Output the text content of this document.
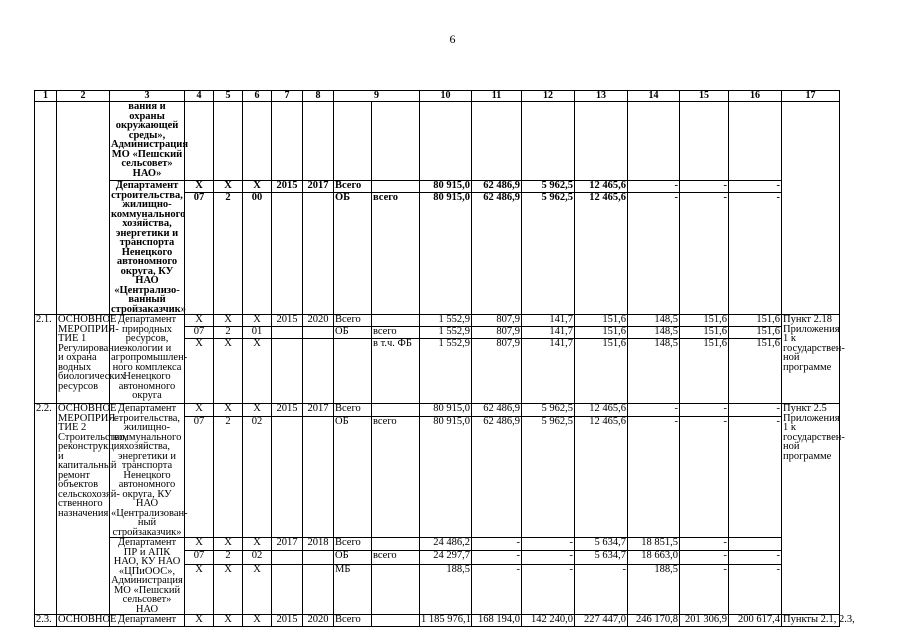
6
1	2	3	4	5	6	7	8	9		10	11	12	13	14	15	16	17
		вания и охраны окружающей среды», Администрация МО «Пешский сельсовет» НАО»															
		Департамент строительства, жилищно-коммунального хозяйства, энергетики и транспорта Ненецкого автономного округа, КУ НАО «Централизо-ванный стройзаказчик»	X	X	X	2015	2017	Всего		80 915,0	62 486,9	5 962,5	12 465,6	-	-	-	
			07	2	00			ОБ	всего	80 915,0	62 486,9	5 962,5	12 465,6	-	-	-	
2.1.	ОСНОВНОЕ МЕРОПРИЯ-ТИЕ 1 Регулирование и охрана водных биологических ресурсов	Департамент природных ресурсов, экологии и агропромышлен-ного комплекса Ненецкого автономного округа	X	X	X	2015	2020	Всего		1 552,9	807,9	141,7	151,6	148,5	151,6	151,6	Пункт 2.18 Приложения 1 к государствен-ной программе
			07	2	01			ОБ	всего	1 552,9	807,9	141,7	151,6	148,5	151,6	151,6	
			X	X	X				в т.ч. ФБ	1 552,9	807,9	141,7	151,6	148,5	151,6	151,6	
2.2.	ОСНОВНОЕ МЕРОПРИЯ-ТИЕ 2 Строительство, реконструкция и капитальный ремонт объектов сельскохозяй-ственного назначения	Департамент строительства, жилищно-коммунального хозяйства, энергетики и транспорта Ненецкого автономного округа, КУ НАО «Централизован-ный стройзаказчик»	X	X	X	2015	2017	Всего		80 915,0	62 486,9	5 962,5	12 465,6	-	-	-	Пункт 2.5 Приложения 1 к государствен-ной программе
			07	2	02			ОБ	всего	80 915,0	62 486,9	5 962,5	12 465,6	-	-	-	
		Департамент ПР и АПК НАО, КУ НАО «ЦПиООС», Администрация МО «Пешский сельсовет» НАО	X	X	X	2017	2018	Всего		24 486,2	-	-	5 634,7	18 851,5	-		
			07	2	02			ОБ	всего	24 297,7	-	-	5 634,7	18 663,0	-	-	
			X	X	X			МБ		188,5	-	-	-	188,5	-	-	
2.3.	ОСНОВНОЕ	Департамент	X	X	X	2015	2020	Всего		1 185 976,1	168 194,0	142 240,0	227 447,0	246 170,8	201 306,9	200 617,4	Пункты 2.1, 2.3,
